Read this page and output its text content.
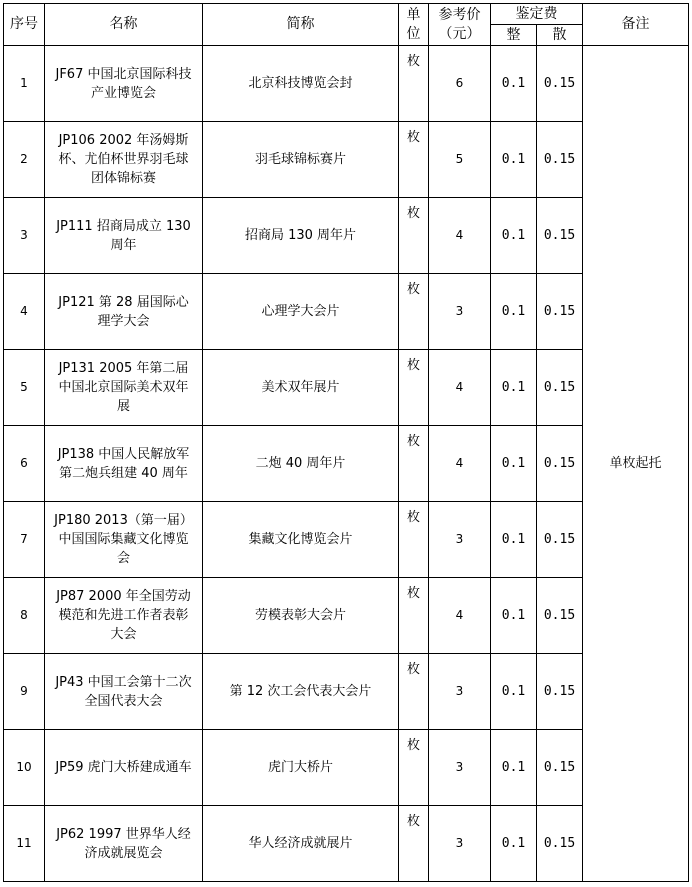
序号	名称	简称	单位	参考价（元）	鉴定费		备注
					整	散	
1	JF67 中国北京国际科技产业博览会	北京科技博览会封	枚	6	0.1	0.15	单枚起托
2	JP106 2002 年汤姆斯杯、尤伯杯世界羽毛球团体锦标赛	羽毛球锦标赛片	枚	5	0.1	0.15	
3	JP111 招商局成立 130 周年	招商局 130 周年片	枚	4	0.1	0.15	
4	JP121 第 28 届国际心理学大会	心理学大会片	枚	3	0.1	0.15	
5	JP131 2005 年第二届中国北京国际美术双年展	美术双年展片	枚	4	0.1	0.15	
6	JP138 中国人民解放军第二炮兵组建 40 周年	二炮 40 周年片	枚	4	0.1	0.15	
7	JP180 2013（第一届）中国国际集藏文化博览会	集藏文化博览会片	枚	3	0.1	0.15	
8	JP87 2000 年全国劳动模范和先进工作者表彰大会	劳模表彰大会片	枚	4	0.1	0.15	
9	JP43 中国工会第十二次全国代表大会	第 12 次工会代表大会片	枚	3	0.1	0.15	
10	JP59 虎门大桥建成通车	虎门大桥片	枚	3	0.1	0.15	
11	JP62 1997 世界华人经济成就展览会	华人经济成就展片	枚	3	0.1	0.15	
